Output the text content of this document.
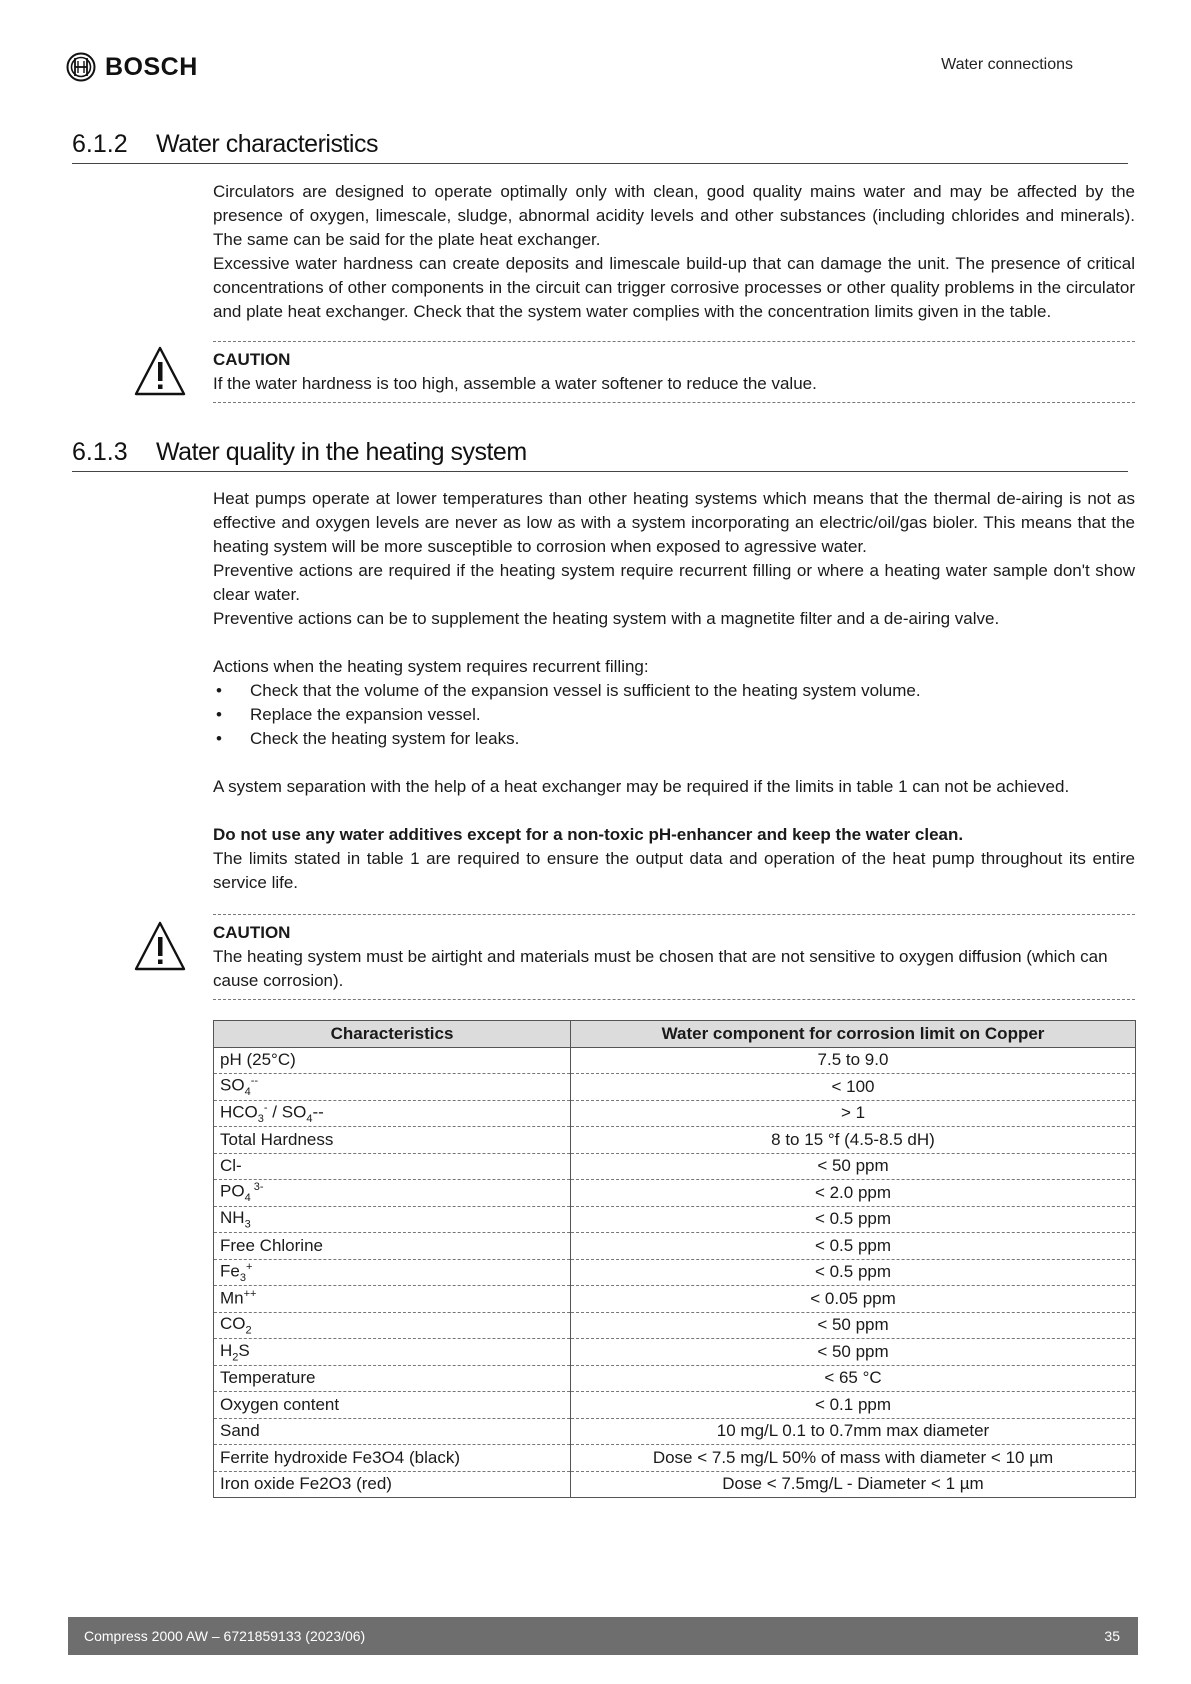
BOSCH	Water connections
6.1.2	Water characteristics

Circulators are designed to operate optimally only with clean, good quality mains water and may be affected by the presence of oxygen, limescale, sludge, abnormal acidity levels and other substances (including chlorides and minerals). The same can be said for the plate heat exchanger.

Excessive water hardness can create deposits and limescale build-up that can damage the unit. The presence of critical concentrations of other components in the circuit can trigger corrosive processes or other quality problems in the circulator and plate heat exchanger. Check that the system water complies with the concentration limits given in the table.

CAUTION

If the water hardness is too high, assemble a water softener to reduce the value.

6.1.3	Water quality in the heating system

Heat pumps operate at lower temperatures than other heating systems which means that the thermal de-airing is not as effective and oxygen levels are never as low as with a system incorporating an electric/oil/gas bioler. This means that the heating system will be more susceptible to corrosion when exposed to agressive water.

Preventive actions are required if the heating system require recurrent filling or where a heating water sample don't show clear water.

Preventive actions can be to supplement the heating system with a magnetite filter and a de-airing valve.

Actions when the heating system requires recurrent filling:

• Check that the volume of the expansion vessel is sufficient to the heating system volume.
• Replace the expansion vessel.
• Check the heating system for leaks.

A system separation with the help of a heat exchanger may be required if the limits in table 1 can not be achieved.

Do not use any water additives except for a non-toxic pH-enhancer and keep the water clean.

The limits stated in table 1 are required to ensure the output data and operation of the heat pump throughout its entire service life.

CAUTION

The heating system must be airtight and materials must be chosen that are not sensitive to oxygen diffusion (which can cause corrosion).

Characteristics	Water component for corrosion limit on Copper
pH (25°C)	7.5 to 9.0
$SO_4^{--}$	< 100
$HCO_3^- / SO_4--$	> 1
Total Hardness	8 to 15 °f (4.5-8.5 dH)
Cl-	< 50 ppm
$PO_4$ $^{3-}$	< 2.0 ppm
$NH_3$	< 0.5 ppm
Free Chlorine	< 0.5 ppm
$Fe_3^+$	< 0.5 ppm
Mn++	< 0.05 ppm
$CO_2$	< 50 ppm
$H_2S$	< 50 ppm
Temperature	< 65 °C
Oxygen content	< 0.1 ppm
Sand	10 mg/L 0.1 to 0.7mm max diameter
Ferrite hydroxide Fe3O4 (black)	Dose < 7.5 mg/L 50% of mass with diameter < 10 µm
Iron oxide Fe2O3 (red)	Dose < 7.5mg/L - Diameter < 1 µm
Compress 2000 AW – 6721859133 (2023/06)	35
